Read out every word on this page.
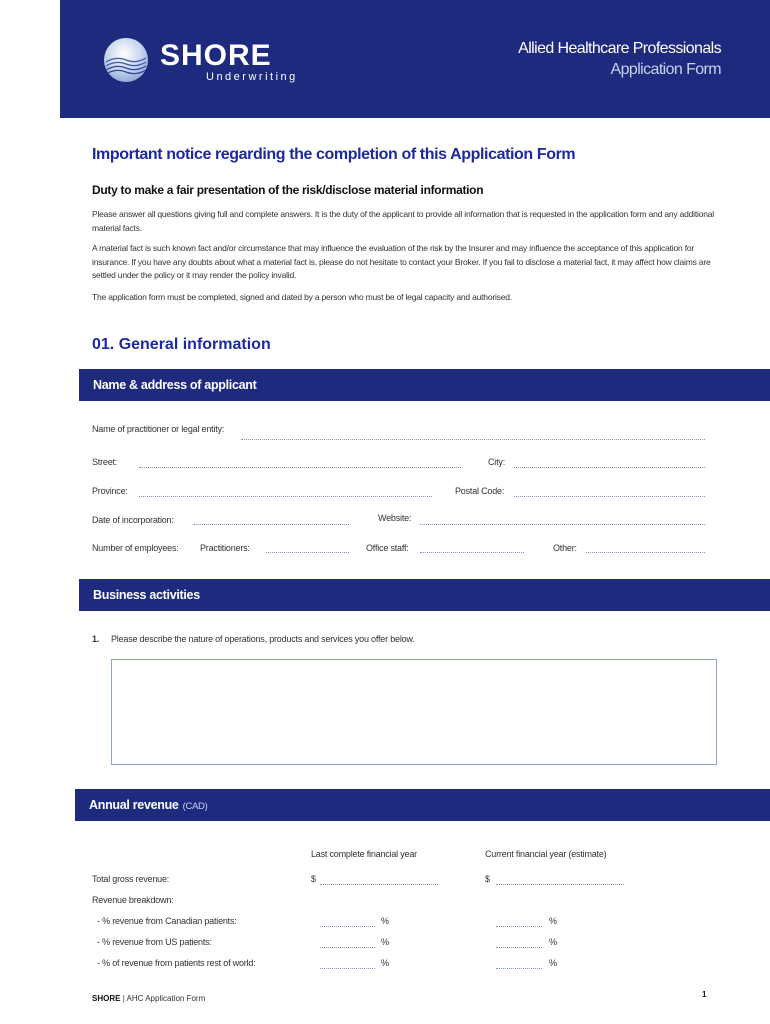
SHORE
Underwriting
Allied Healthcare Professionals
Application Form
Important notice regarding the completion of this Application Form
Duty to make a fair presentation of the risk/disclose material information
Please answer all questions giving full and complete answers. It is the duty of the applicant to provide all information that is requested in the application form and any additional material facts.
A material fact is such known fact and/or circumstance that may influence the evaluation of the risk by the Insurer and may influence the acceptance of this application for insurance. If you have any doubts about what a material fact is, please do not hesitate to contact your Broker. If you fail to disclose a material fact, it may affect how claims are settled under the policy or it may render the policy invalid.
The application form must be completed, signed and dated by a person who must be of legal capacity and authorised.
01. General information
Name & address of applicant
Name of practitioner or legal entity:
Street:	City:
Province:	Postal Code:
Date of incorporation:	Website:
Number of employees: Practitioners:	Office staff:	Other:
Business activities
1. Please describe the nature of operations, products and services you offer below.
Annual revenue (CAD)
Last complete financial year	Current financial year (estimate)
Total gross revenue:	$	$
Revenue breakdown:
- % revenue from Canadian patients:	%	%
- % revenue from US patients:	%	%
- % of revenue from patients rest of world:	%	%
SHORE | AHC Application Form	1
